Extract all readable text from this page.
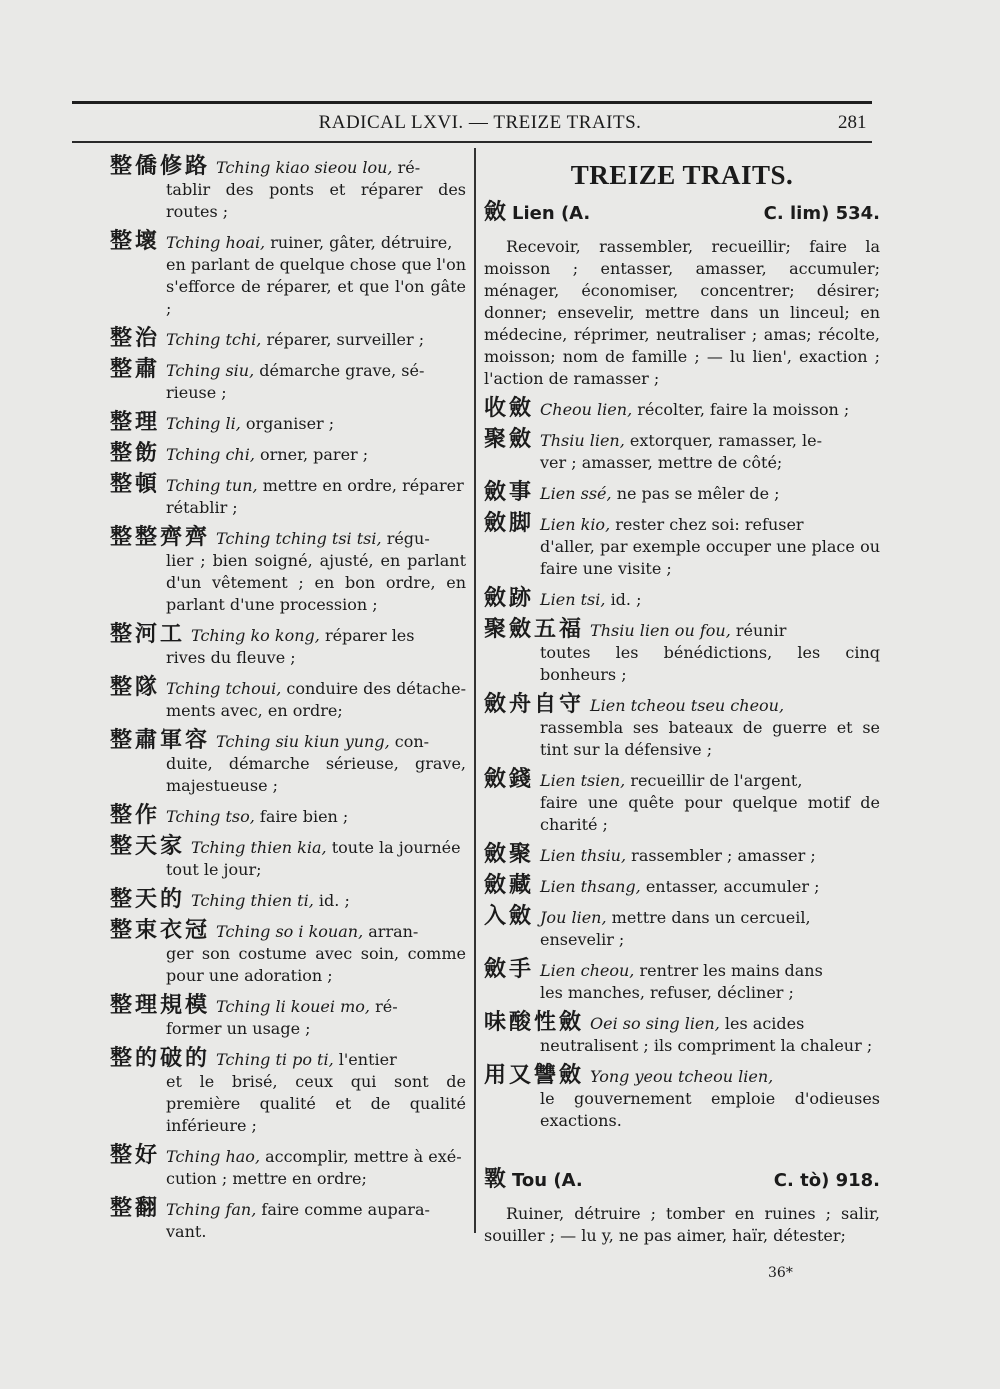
RADICAL LXVI. — TREIZE TRAITS.	281
整僑修路 Tching kiao sieou lou, ré-
tablir des ponts et réparer des routes ;
整壞 Tching hoai, ruiner, gâter, détruire,
en parlant de quelque chose que l'on s'efforce de réparer, et que l'on gâte ;
整治 Tching tchi, réparer, surveiller ;
整肅 Tching siu, démarche grave, sé-
rieuse ;
整理 Tching li, organiser ;
整飭 Tching chi, orner, parer ;
整頓 Tching tun, mettre en ordre, réparer
rétablir ;
整整齊齊 Tching tching tsi tsi, régu-
lier ; bien soigné, ajusté, en parlant d'un vêtement ; en bon ordre, en parlant d'une procession ;
整河工 Tching ko kong, réparer les
rives du fleuve ;
整隊 Tching tchoui, conduire des détache-
ments avec, en ordre;
整肅軍容 Tching siu kiun yung, con-
duite, démarche sérieuse, grave, majestueuse ;
整作 Tching tso, faire bien ;
整天家 Tching thien kia, toute la journée
tout le jour;
整天的 Tching thien ti, id. ;
整束衣冠 Tching so i kouan, arran-
ger son costume avec soin, comme pour une adoration ;
整理規模 Tching li kouei mo, ré-
former un usage ;
整的破的 Tching ti po ti, l'entier
et le brisé, ceux qui sont de première qualité et de qualité inférieure ;
整好 Tching hao, accomplir, mettre à exé-
cution ; mettre en ordre;
整翻 Tching fan, faire comme auparа-
vant.
TREIZE TRAITS.
斂 Lien (A.	C. lim) 534.
Recevoir, rassembler, recueillir; faire la moisson ; entasser, amasser, accumuler; ménager, économiser, concentrer; désirer; donner; ensevelir, mettre dans un linceul; en médecine, réprimer, neutraliser ; amas; récolte, moisson; nom de famille ; — lu lien', exaction ; l'action de ramasser ;
收斂 Cheou lien, récolter, faire la moisson ;
聚斂 Thsiu lien, extorquer, ramasser, le-
ver ; amasser, mettre de côté;
斂事 Lien ssé, ne pas se mêler de ;
斂脚 Lien kio, rester chez soi: refuser
d'aller, par exemple occuper une place ou faire une visite ;
斂跡 Lien tsi, id. ;
聚斂五福 Thsiu lien ou fou, réunir
toutes les bénédictions, les cinq bonheurs ;
斂舟自守 Lien tcheou tseu cheou,
rassembla ses bateaux de guerre et se tint sur la défensive ;
斂錢 Lien tsien, recueillir de l'argent,
faire une quête pour quelque motif de charité ;
斂聚 Lien thsiu, rassembler ; amasser ;
斂藏 Lien thsang, entasser, accumuler ;
入斂 Jou lien, mettre dans un cercueil,
ensevelir ;
斂手 Lien cheou, rentrer les mains dans
les manches, refuser, décliner ;
味酸性斂 Oei so sing lien, les acides
neutralisent ; ils compriment la chaleur ;
用又讐斂 Yong yeou tcheou lien,
le gouvernement emploie d'odieuses exactions.
斁 Tou (A.	C. tò) 918.
Ruiner, détruire ; tomber en ruines ; salir, souiller ; — lu y, ne pas aimer, haïr, détester;
36*
